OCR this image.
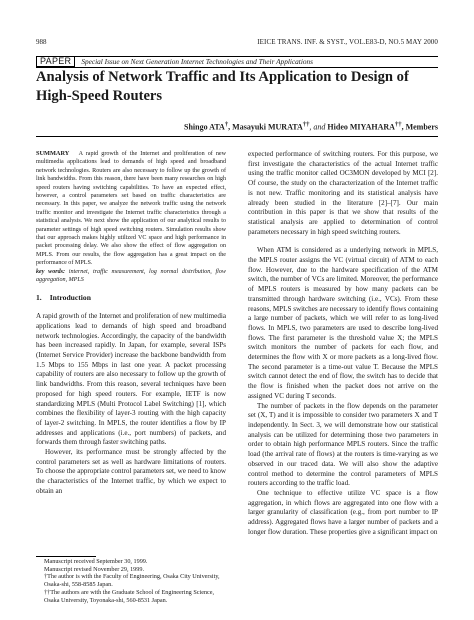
988	IEICE TRANS. INF. & SYST., VOL.E83-D, NO.5 MAY 2000
PAPER Special Issue on Next Generation Internet Technologies and Their Applications
Analysis of Network Traffic and Its Application to Design of High-Speed Routers
Shingo ATA†, Masayuki MURATA††, and Hideo MIYAHARA††, Members

SUMMARY A rapid growth of the Internet and proliferation of new multimedia applications lead to demands of high speed and broadband network technologies. Routers are also necessary to follow up the growth of link bandwidths. From this reason, there have been many researches on high speed routers having switching capabilities. To have an expected effect, however, a control parameters set based on traffic characteristics are necessary. In this paper, we analyze the network traffic using the network traffic monitor and investigate the Internet traffic characteristics through a statistical analysis. We next show the application of our analytical results to parameter settings of high speed switching routers. Simulation results show that our approach makes highly utilized VC space and high performance in packet processing delay. We also show the effect of flow aggregation on MPLS. From our results, the flow aggregation has a great impact on the performance of MPLS.

key words: internet, traffic measurement, log normal distribution, flow aggregation, MPLS

1. Introduction

A rapid growth of the Internet and proliferation of new multimedia applications lead to demands of high speed and broadband network technologies. Accordingly, the capacity of the bandwidth has been increased rapidly. In Japan, for example, several ISPs (Internet Service Provider) increase the backbone bandwidth from 1.5 Mbps to 155 Mbps in last one year. A packet processing capability of routers are also necessary to follow up the growth of link bandwidths. From this reason, several techniques have been proposed for high speed routers. For example, IETF is now standardizing MPLS (Multi Protocol Label Switching) [1], which combines the flexibility of layer-3 routing with the high capacity of layer-2 switching. In MPLS, the router identifies a flow by IP addresses and applications (i.e., port numbers) of packets, and forwards them through faster switching paths.

However, its performance must be strongly affected by the control parameters set as well as hardware limitations of routers. To choose the appropriate control parameters set, we need to know the characteristics of the Internet traffic, by which we expect to obtain an

expected performance of switching routers. For this purpose, we first investigate the characteristics of the actual Internet traffic using the traffic monitor called OC3MON developed by MCI [2]. Of course, the study on the characterization of the Internet traffic is not new. Traffic monitoring and its statistical analysis have already been studied in the literature [2]–[7]. Our main contribution in this paper is that we show that results of the statistical analysis are applied to determination of control parameters necessary in high speed switching routers.

When ATM is considered as a underlying network in MPLS, the MPLS router assigns the VC (virtual circuit) of ATM to each flow. However, due to the hardware specification of the ATM switch, the number of VCs are limited. Moreover, the performance of MPLS routers is measured by how many packets can be transmitted through hardware switching (i.e., VCs). From these reasons, MPLS switches are necessary to identify flows containing a large number of packets, which we will refer to as long-lived flows. In MPLS, two parameters are used to describe long-lived flows. The first parameter is the threshold value X; the MPLS switch monitors the number of packets for each flow, and determines the flow with X or more packets as a long-lived flow. The second parameter is a time-out value T. Because the MPLS switch cannot detect the end of flow, the switch has to decide that the flow is finished when the packet does not arrive on the assigned VC during T seconds.

The number of packets in the flow depends on the parameter set (X, T) and it is impossible to consider two parameters X and T independently. In Sect. 3, we will demonstrate how our statistical analysis can be utilized for determining those two parameters in order to obtain high performance MPLS routers. Since the traffic load (the arrival rate of flows) at the routers is time-varying as we observed in our traced data. We will also show the adaptive control method to determine the control parameters of MPLS routers according to the traffic load.

One technique to effective utilize VC space is a flow aggregation, in which flows are aggregated into one flow with a larger granularity of classification (e.g., from port number to IP address). Aggregated flows have a larger number of packets and a longer flow duration. These properties give a significant impact on

Manuscript received September 30, 1999.

Manuscript revised November 29, 1999.

†The author is with the Faculty of Engineering, Osaka City University, Osaka-shi, 558-8585 Japan.

††The authors are with the Graduate School of Engineering Science, Osaka University, Toyonaka-shi, 560-8531 Japan.
